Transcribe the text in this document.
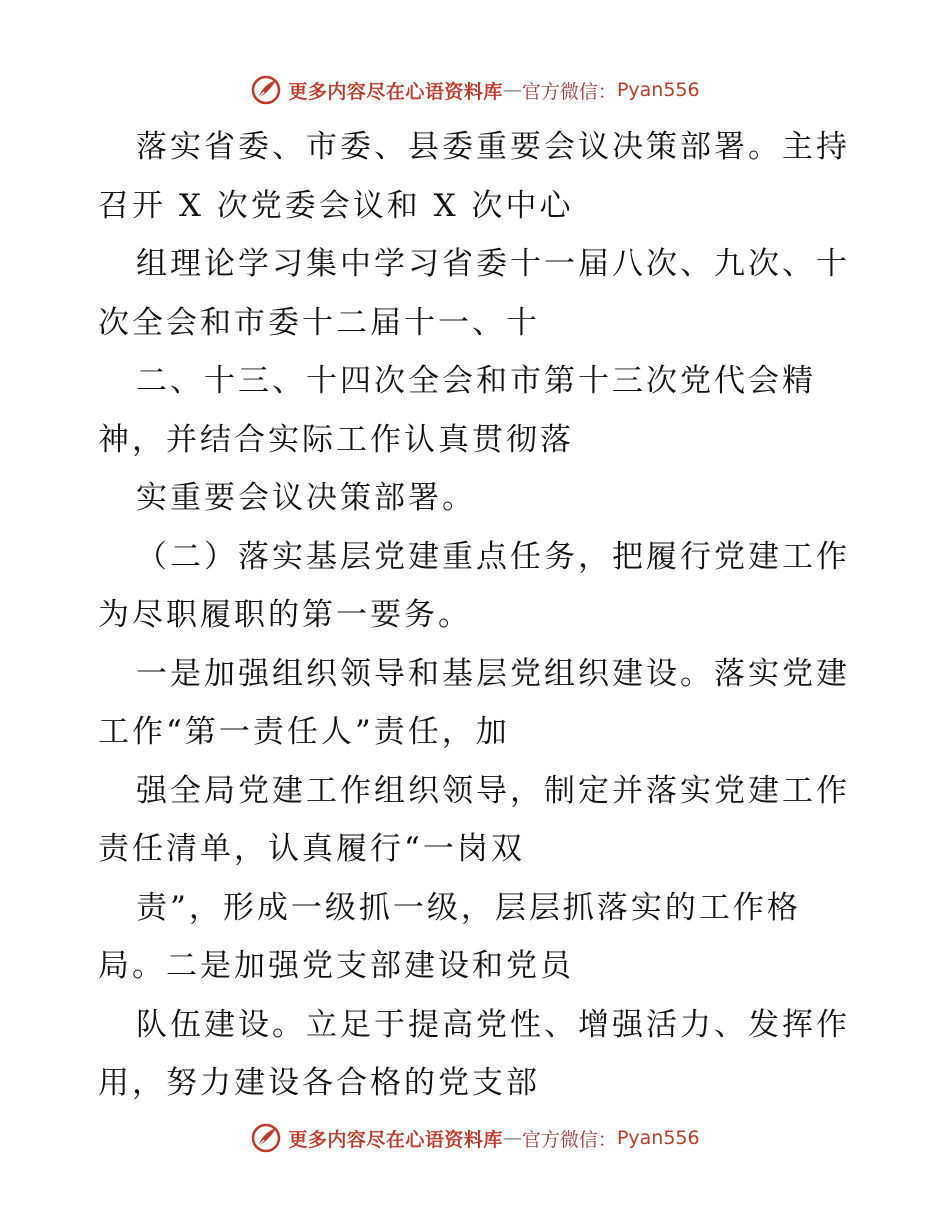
更多内容尽在心语资料库 — 官方微信： Pyan556
落实省委、市委、县委重要会议决策部署。主持
召开 X 次党委会议和 X 次中心
组理论学习集中学习省委十一届八次、九次、十
次全会和市委十二届十一、十
二、十三、十四次全会和市第十三次党代会精
神，并结合实际工作认真贯彻落
实重要会议决策部署。
（二）落实基层党建重点任务，把履行党建工作
为尽职履职的第一要务。
一是加强组织领导和基层党组织建设。落实党建
工作“第一责任人”责任，加
强全局党建工作组织领导，制定并落实党建工作
责任清单，认真履行“一岗双
责”，形成一级抓一级，层层抓落实的工作格
局。二是加强党支部建设和党员
队伍建设。立足于提高党性、增强活力、发挥作
用，努力建设各合格的党支部
更多内容尽在心语资料库 — 官方微信： Pyan556
